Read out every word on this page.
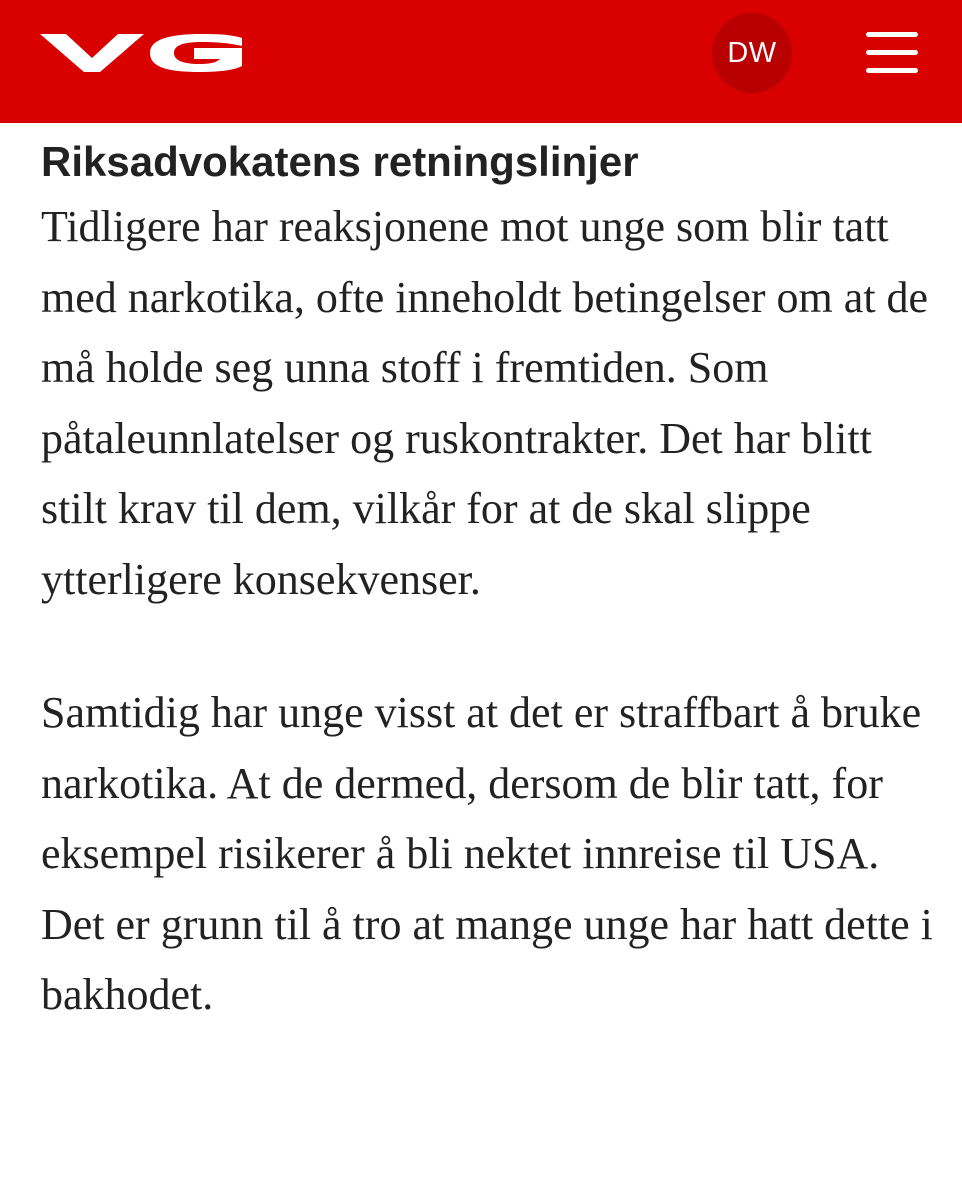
DW
Riksadvokatens retningslinjer

Tidligere har reaksjonene mot unge som blir tatt med narkotika, ofte inneholdt betingelser om at de må holde seg unna stoff i fremtiden. Som påtaleunnlatelser og ruskontrakter. Det har blitt stilt krav til dem, vilkår for at de skal slippe ytterligere konsekvenser.

Samtidig har unge visst at det er straffbart å bruke narkotika. At de dermed, dersom de blir tatt, for eksempel risikerer å bli nektet innreise til USA. Det er grunn til å tro at mange unge har hatt dette i bakhodet.
